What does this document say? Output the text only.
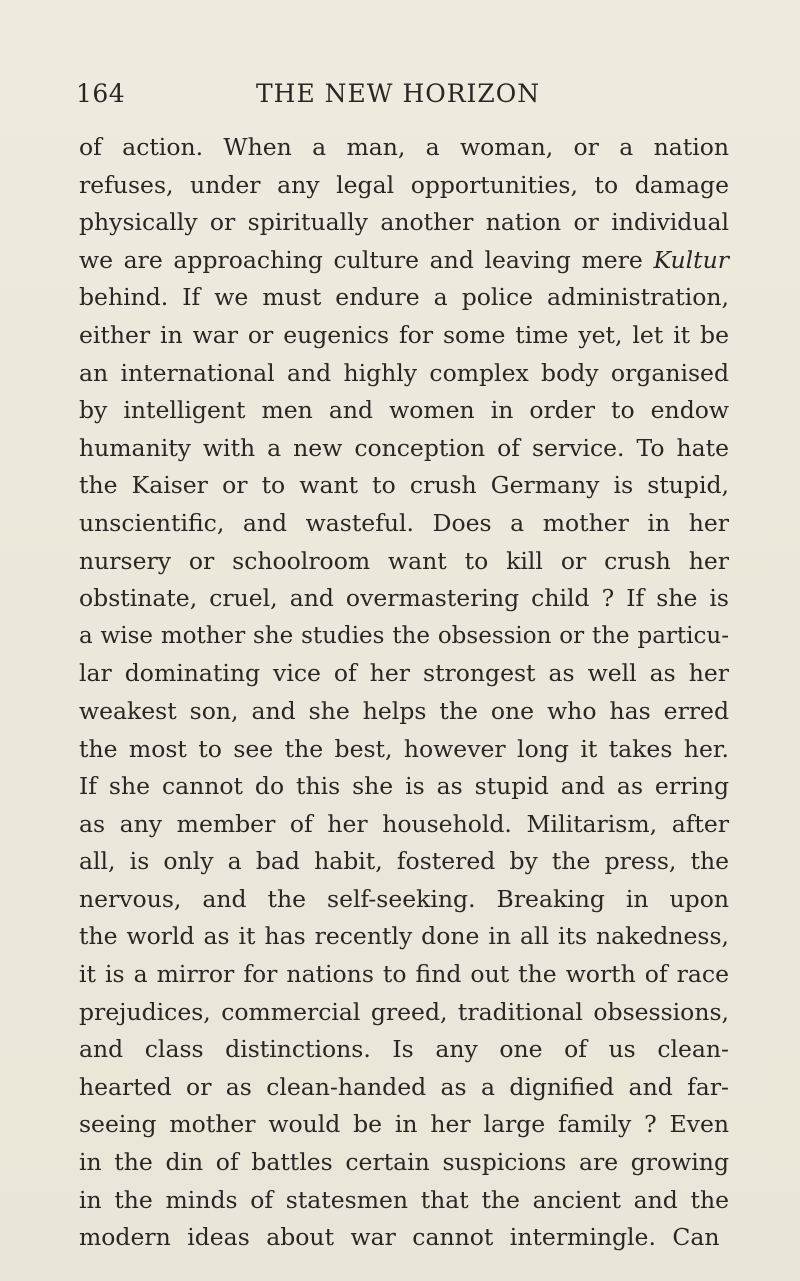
164	THE NEW HORIZON
of action. When a man, a woman, or a nation
refuses, under any legal opportunities, to damage
physically or spiritually another nation or individual
we are approaching culture and leaving mere Kultur
behind. If we must endure a police administration,
either in war or eugenics for some time yet, let it be
an international and highly complex body organised
by intelligent men and women in order to endow
humanity with a new conception of service. To hate
the Kaiser or to want to crush Germany is stupid,
unscientific, and wasteful. Does a mother in her
nursery or schoolroom want to kill or crush her
obstinate, cruel, and overmastering child ? If she is
a wise mother she studies the obsession or the particu-
lar dominating vice of her strongest as well as her
weakest son, and she helps the one who has erred
the most to see the best, however long it takes her.
If she cannot do this she is as stupid and as erring
as any member of her household. Militarism, after
all, is only a bad habit, fostered by the press, the
nervous, and the self-seeking. Breaking in upon
the world as it has recently done in all its nakedness,
it is a mirror for nations to find out the worth of race
prejudices, commercial greed, traditional obsessions,
and class distinctions. Is any one of us clean-
hearted or as clean-handed as a dignified and far-
seeing mother would be in her large family ? Even
in the din of battles certain suspicions are growing
in the minds of statesmen that the ancient and the
modern ideas about war cannot intermingle. Can
